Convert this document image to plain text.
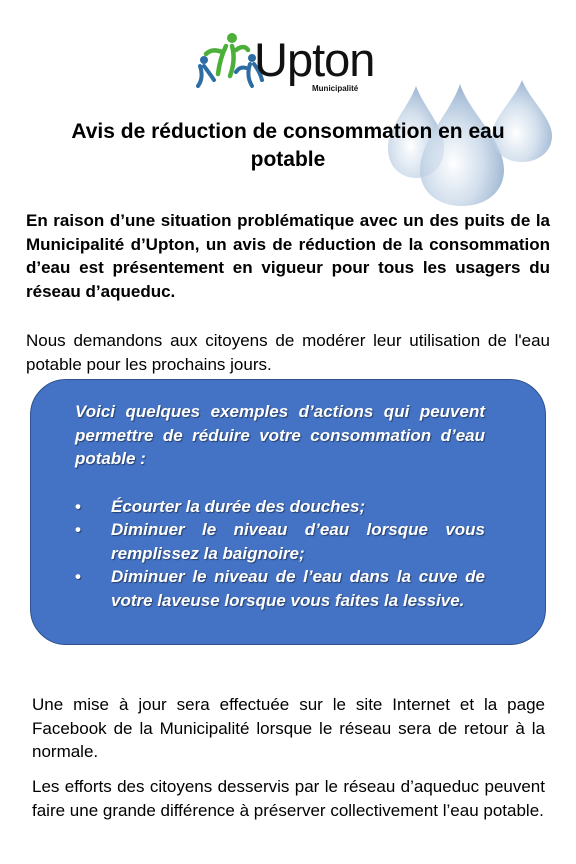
Upton
Municipalité
Avis de réduction de consommation en eau potable

En raison d’une situation problématique avec un des puits de la Municipalité d’Upton, un avis de réduction de la consommation d’eau est présentement en vigueur pour tous les usagers du réseau d’aqueduc.

Nous demandons aux citoyens de modérer leur utilisation de l'eau potable pour les prochains jours.

Voici quelques exemples d’actions qui peuvent permettre de réduire votre consommation d’eau potable :

• Écourter la durée des douches;
• Diminuer le niveau d’eau lorsque vous remplissez la baignoire;
• Diminuer le niveau de l’eau dans la cuve de votre laveuse lorsque vous faites la lessive.

Une mise à jour sera effectuée sur le site Internet et la page Facebook de la Municipalité lorsque le réseau sera de retour à la normale.

Les efforts des citoyens desservis par le réseau d’aqueduc peuvent faire une grande différence à préserver collectivement l’eau potable.
